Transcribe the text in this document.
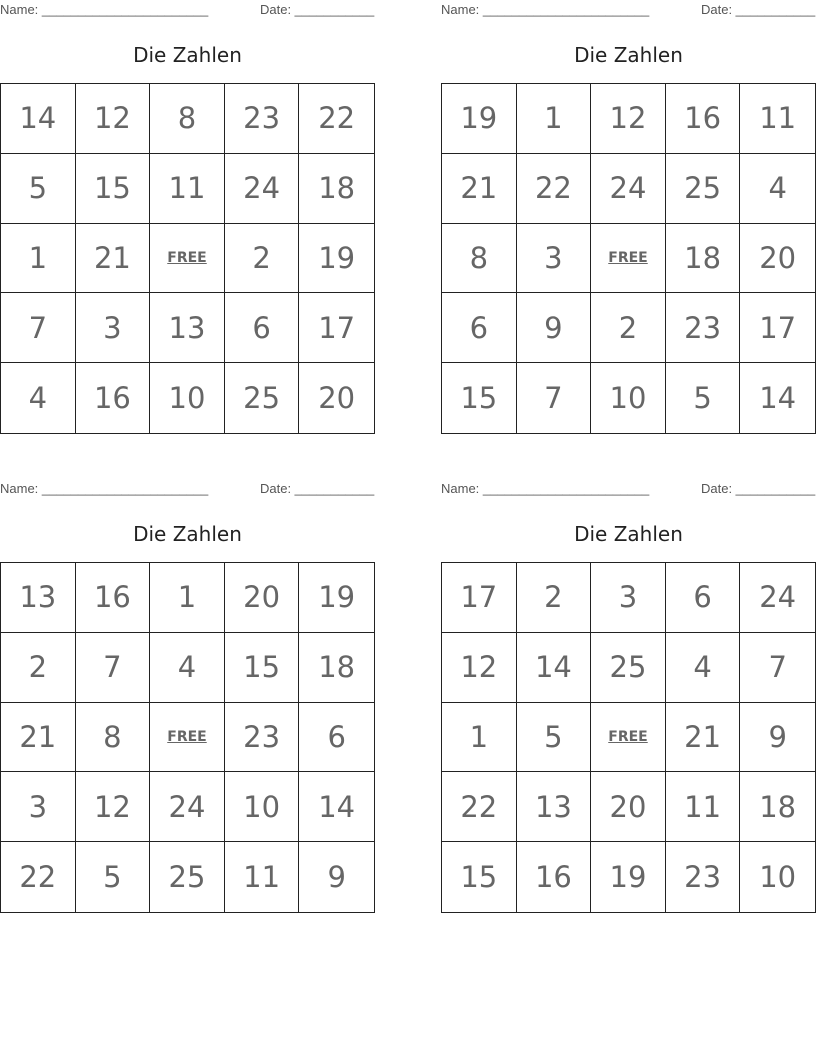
Name: _______________________	Date: ___________
Die Zahlen
14	12	8	23	22
5	15	11	24	18
1	21	FREE	2	19
7	3	13	6	17
4	16	10	25	20
Name: _______________________	Date: ___________
Die Zahlen
19	1	12	16	11
21	22	24	25	4
8	3	FREE	18	20
6	9	2	23	17
15	7	10	5	14
Name: _______________________	Date: ___________
Die Zahlen
13	16	1	20	19
2	7	4	15	18
21	8	FREE	23	6
3	12	24	10	14
22	5	25	11	9
Name: _______________________	Date: ___________
Die Zahlen
17	2	3	6	24
12	14	25	4	7
1	5	FREE	21	9
22	13	20	11	18
15	16	19	23	10
